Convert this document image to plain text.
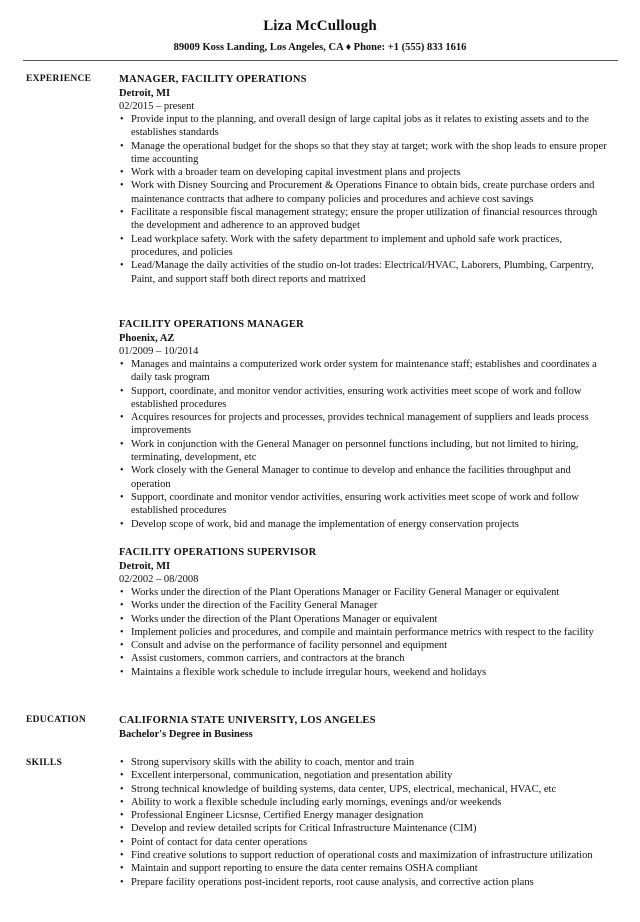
Liza McCullough
89009 Koss Landing, Los Angeles, CA ♦ Phone: +1 (555) 833 1616
EXPERIENCE	MANAGER, FACILITY OPERATIONS
Detroit, MI
02/2015 – present
• Provide input to the planning, and overall design of large capital jobs as it relates to existing assets and to the establishes standards
• Manage the operational budget for the shops so that they stay at target; work with the shop leads to ensure proper time accounting
• Work with a broader team on developing capital investment plans and projects
• Work with Disney Sourcing and Procurement & Operations Finance to obtain bids, create purchase orders and maintenance contracts that adhere to company policies and procedures and achieve cost savings
• Facilitate a responsible fiscal management strategy; ensure the proper utilization of financial resources through the development and adherence to an approved budget
• Lead workplace safety. Work with the safety department to implement and uphold safe work practices, procedures, and policies
• Lead/Manage the daily activities of the studio on-lot trades: Electrical/HVAC, Laborers, Plumbing, Carpentry, Paint, and support staff both direct reports and matrixed
FACILITY OPERATIONS MANAGER
Phoenix, AZ
01/2009 – 10/2014
• Manages and maintains a computerized work order system for maintenance staff; establishes and coordinates a daily task program
• Support, coordinate, and monitor vendor activities, ensuring work activities meet scope of work and follow established procedures
• Acquires resources for projects and processes, provides technical management of suppliers and leads process improvements
• Work in conjunction with the General Manager on personnel functions including, but not limited to hiring, terminating, development, etc
• Work closely with the General Manager to continue to develop and enhance the facilities throughput and operation
• Support, coordinate and monitor vendor activities, ensuring work activities meet scope of work and follow established procedures
• Develop scope of work, bid and manage the implementation of energy conservation projects
FACILITY OPERATIONS SUPERVISOR
Detroit, MI
02/2002 – 08/2008
• Works under the direction of the Plant Operations Manager or Facility General Manager or equivalent
• Works under the direction of the Facility General Manager
• Works under the direction of the Plant Operations Manager or equivalent
• Implement policies and procedures, and compile and maintain performance metrics with respect to the facility
• Consult and advise on the performance of facility personnel and equipment
• Assist customers, common carriers, and contractors at the branch
• Maintains a flexible work schedule to include irregular hours, weekend and holidays
EDUCATION	CALIFORNIA STATE UNIVERSITY, LOS ANGELES
Bachelor's Degree in Business
SKILLS
•	Strong supervisory skills with the ability to coach, mentor and train
• Excellent interpersonal, communication, negotiation and presentation ability
• Strong technical knowledge of building systems, data center, UPS, electrical, mechanical, HVAC, etc
• Ability to work a flexible schedule including early mornings, evenings and/or weekends
• Professional Engineer Licsnse, Certified Energy manager designation
• Develop and review detailed scripts for Critical Infrastructure Maintenance (CIM)
• Point of contact for data center operations
• Find creative solutions to support reduction of operational costs and maximization of infrastructure utilization
• Maintain and support reporting to ensure the data center remains OSHA compliant
• Prepare facility operations post-incident reports, root cause analysis, and corrective action plans
